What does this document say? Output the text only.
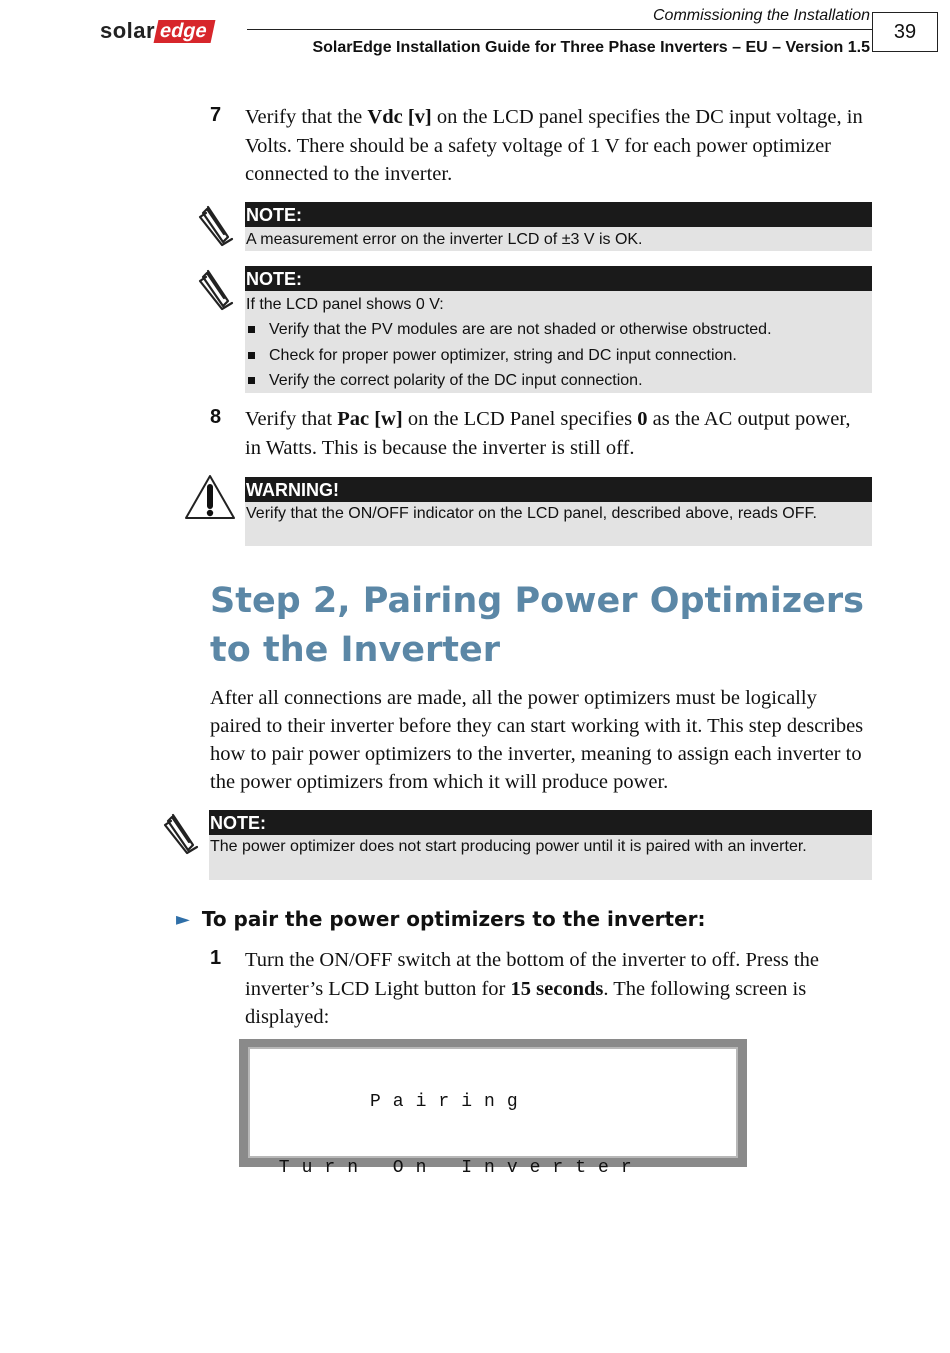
solar edge
Commissioning the Installation
SolarEdge Installation Guide for Three Phase Inverters – EU – Version 1.5
39
7 Verify that the Vdc [v] on the LCD panel specifies the DC input voltage, in Volts. There should be a safety voltage of 1 V for each power optimizer connected to the inverter.
NOTE:
A measurement error on the inverter LCD of ±3 V is OK.
NOTE:
If the LCD panel shows 0 V:
Verify that the PV modules are are not shaded or otherwise obstructed.
Check for proper power optimizer, string and DC input connection.
Verify the correct polarity of the DC input connection.
8 Verify that Pac [w] on the LCD Panel specifies 0 as the AC output power, in Watts. This is because the inverter is still off.
WARNING!
Verify that the ON/OFF indicator on the LCD panel, described above, reads OFF.
Step 2, Pairing Power Optimizers to the Inverter
After all connections are made, all the power optimizers must be logically paired to their inverter before they can start working with it. This step describes how to pair power optimizers to the inverter, meaning to assign each inverter to the power optimizers from which it will produce power.
NOTE:
The power optimizer does not start producing power until it is paired with an inverter.
► To pair the power optimizers to the inverter:
1 Turn the ON/OFF switch at the bottom of the inverter to off. Press the inverter’s LCD Light button for 15 seconds. The following screen is displayed:

Pairing

Turn On Inverter
